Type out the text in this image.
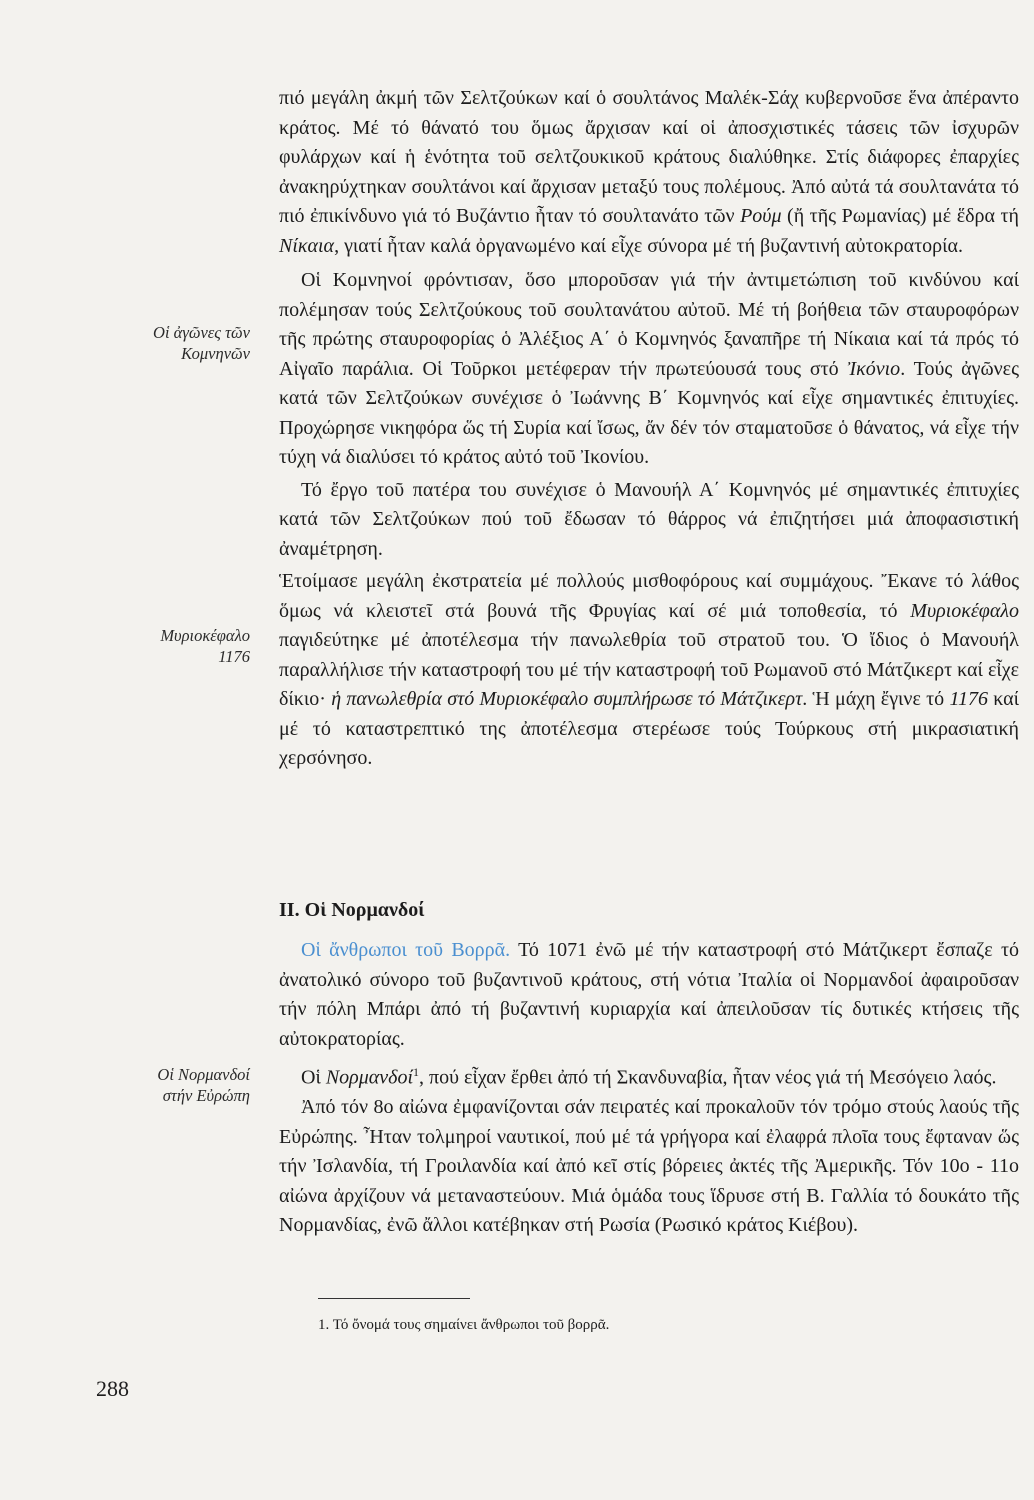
πιό μεγάλη ἀκμή τῶν Σελτζούκων καί ὁ σουλτάνος Μαλέκ-Σάχ κυβερνοῦσε ἕνα ἀπέραντο κράτος. Μέ τό θάνατό του ὅμως ἄρχισαν καί οἱ ἀποσχιστικές τάσεις τῶν ἰσχυρῶν φυλάρχων καί ἡ ἑνότητα τοῦ σελτζουκικοῦ κράτους διαλύθηκε. Στίς διάφορες ἐπαρχίες ἀνακηρύχτηκαν σουλτάνοι καί ἄρχισαν μεταξύ τους πολέμους. Ἀπό αὐτά τά σουλτανάτα τό πιό ἐπικίνδυνο γιά τό Βυζάντιο ἦταν τό σουλτανάτο τῶν Ρούμ (ἤ τῆς Ρωμανίας) μέ ἕδρα τή Νίκαια, γιατί ἦταν καλά ὀργανωμένο καί εἶχε σύνορα μέ τή βυζαντινή αὐτοκρατορία.

Οἱ Κομνηνοί φρόντισαν, ὅσο μποροῦσαν γιά τήν ἀντιμετώπιση τοῦ κινδύνου καί πολέμησαν τούς Σελτζούκους τοῦ σουλτανάτου αὐτοῦ. Μέ τή βοήθεια τῶν σταυροφόρων τῆς πρώτης σταυροφορίας ὁ Ἀλέξιος Α΄ ὁ Κομνηνός ξαναπῆρε τή Νίκαια καί τά πρός τό Αἰγαῖο παράλια. Οἱ Τοῦρκοι μετέφεραν τήν πρωτεύουσά τους στό Ἰκόνιο. Τούς ἀγῶνες κατά τῶν Σελτζούκων συνέχισε ὁ Ἰωάννης Β΄ Κομνηνός καί εἶχε σημαντικές ἐπιτυχίες. Προχώρησε νικηφόρα ὥς τή Συρία καί ἴσως, ἄν δέν τόν σταματοῦσε ὁ θάνατος, νά εἶχε τήν τύχη νά διαλύσει τό κράτος αὐτό τοῦ Ἰκονίου.

Τό ἔργο τοῦ πατέρα του συνέχισε ὁ Μανουήλ Α΄ Κομνηνός μέ σημαντικές ἐπιτυχίες κατά τῶν Σελτζούκων πού τοῦ ἔδωσαν τό θάρρος νά ἐπιζητήσει μιά ἀποφασιστική ἀναμέτρηση.

Ἑτοίμασε μεγάλη ἐκστρατεία μέ πολλούς μισθοφόρους καί συμμάχους. Ἔκανε τό λάθος ὅμως νά κλειστεῖ στά βουνά τῆς Φρυγίας καί σέ μιά τοποθεσία, τό Μυριοκέφαλο παγιδεύτηκε μέ ἀποτέλεσμα τήν πανωλεθρία τοῦ στρατοῦ του. Ὁ ἴδιος ὁ Μανουήλ παραλλήλισε τήν καταστροφή του μέ τήν καταστροφή τοῦ Ρωμανοῦ στό Μάτζικερτ καί εἶχε δίκιο· ἡ πανωλεθρία στό Μυριοκέφαλο συμπλήρωσε τό Μάτζικερτ. Ἡ μάχη ἔγινε τό 1176 καί μέ τό καταστρεπτικό της ἀποτέλεσμα στερέωσε τούς Τούρκους στή μικρασιατική χερσόνησο.

Οἱ ἀγῶνες τῶν
Κομνηνῶν
Μυριοκέφαλο
1176
Οἱ Νορμανδοί
στήν Εὐρώπη
II. Οἱ Νορμανδοί

Οἱ ἄνθρωποι τοῦ Βορρᾶ. Τό 1071 ἐνῶ μέ τήν καταστροφή στό Μάτζικερτ ἔσπαζε τό ἀνατολικό σύνορο τοῦ βυζαντινοῦ κράτους, στή νότια Ἰταλία οἱ Νορμανδοί ἀφαιροῦσαν τήν πόλη Μπάρι ἀπό τή βυζαντινή κυριαρχία καί ἀπειλοῦσαν τίς δυτικές κτήσεις τῆς αὐτοκρατορίας.

Οἱ Νορμανδοί$^1$, πού εἶχαν ἔρθει ἀπό τή Σκανδυναβία, ἦταν νέος γιά τή Μεσόγειο λαός.

Ἀπό τόν 8ο αἰώνα ἐμφανίζονται σάν πειρατές καί προκαλοῦν τόν τρόμο στούς λαούς τῆς Εὐρώπης. Ἦταν τολμηροί ναυτικοί, πού μέ τά γρήγορα καί ἐλαφρά πλοῖα τους ἔφταναν ὥς τήν Ἰσλανδία, τή Γροιλανδία καί ἀπό κεῖ στίς βόρειες ἀκτές τῆς Ἀμερικῆς. Τόν 10ο - 11ο αἰώνα ἀρχίζουν νά μεταναστεύουν. Μιά ὁμάδα τους ἵδρυσε στή Β. Γαλλία τό δουκάτο τῆς Νορμανδίας, ἐνῶ ἄλλοι κατέβηκαν στή Ρωσία (Ρωσικό κράτος Κιέβου).

1. Τό ὄνομά τους σημαίνει ἄνθρωποι τοῦ βορρᾶ.
288
